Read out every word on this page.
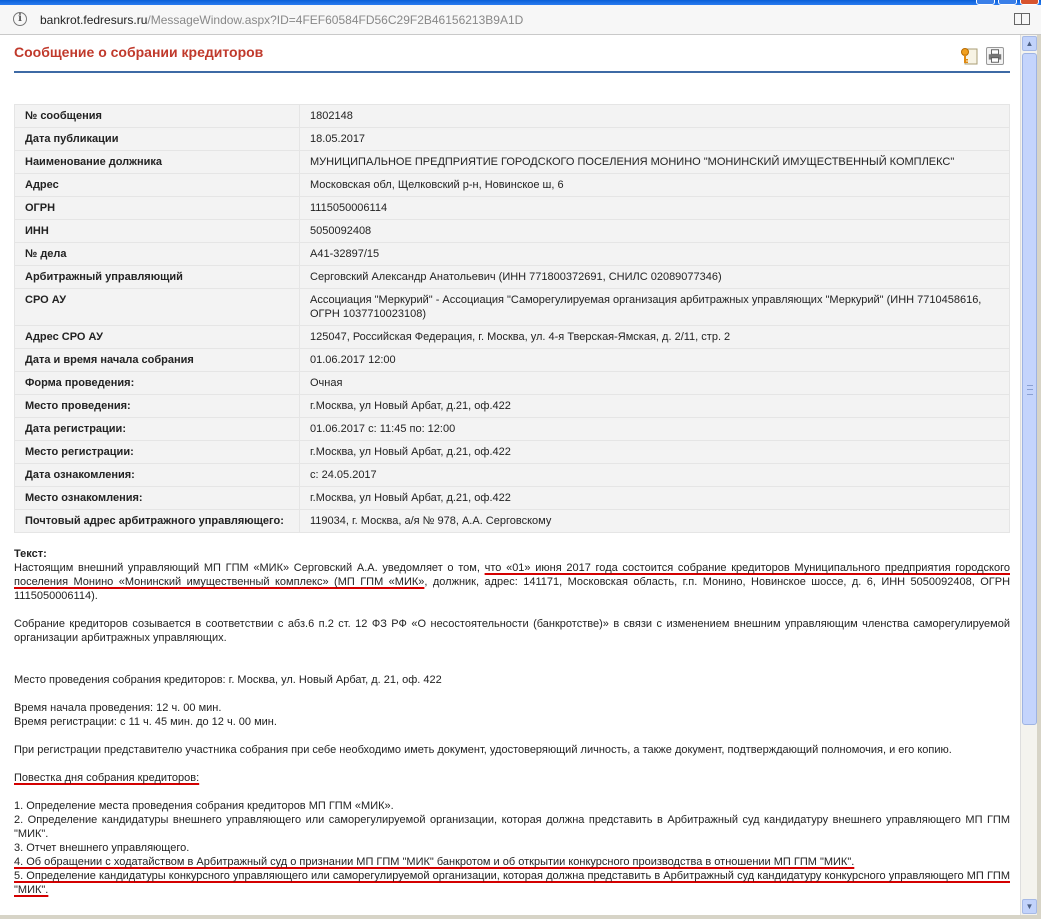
i	bankrot.fedresurs.ru/MessageWindow.aspx?ID=4FEF60584FD56C29F2B46156213B9A1D
Сообщение о собрании кредиторов
№ сообщения	1802148
Дата публикации	18.05.2017
Наименование должника	МУНИЦИПАЛЬНОЕ ПРЕДПРИЯТИЕ ГОРОДСКОГО ПОСЕЛЕНИЯ МОНИНО "МОНИНСКИЙ ИМУЩЕСТВЕННЫЙ КОМПЛЕКС"
Адрес	Московская обл, Щелковский р-н, Новинское ш, 6
ОГРН	1115050006114
ИНН	5050092408
№ дела	А41-32897/15
Арбитражный управляющий	Серговский Александр Анатольевич (ИНН 771800372691, СНИЛС 02089077346)
СРО АУ	Ассоциация "Меркурий" - Ассоциация "Саморегулируемая организация арбитражных управляющих "Меркурий" (ИНН 7710458616, ОГРН 1037710023108)
Адрес СРО АУ	125047, Российская Федерация, г. Москва, ул. 4-я Тверская-Ямская, д. 2/11, стр. 2
Дата и время начала собрания	01.06.2017 12:00
Форма проведения:	Очная
Место проведения:	г.Москва, ул Новый Арбат, д.21, оф.422
Дата регистрации:	01.06.2017 с: 11:45 по: 12:00
Место регистрации:	г.Москва, ул Новый Арбат, д.21, оф.422
Дата ознакомления:	с: 24.05.2017
Место ознакомления:	г.Москва, ул Новый Арбат, д.21, оф.422
Почтовый адрес арбитражного управляющего:	119034, г. Москва, а/я № 978, А.А. Серговскому

Текст:

Настоящим внешний управляющий МП ГПМ «МИК» Серговский А.А. уведомляет о том, что «01» июня 2017 года состоится собрание кредиторов Муниципального предприятия городского поселения Монино «Монинский имущественный комплекс» (МП ГПМ «МИК», должник, адрес: 141171, Московская область, г.п. Монино, Новинское шоссе, д. 6, ИНН 5050092408, ОГРН 1115050006114).

Собрание кредиторов созывается в соответствии с абз.6 п.2 ст. 12 ФЗ РФ «О несостоятельности (банкротстве)» в связи с изменением внешним управляющим членства саморегулируемой организации арбитражных управляющих.

Место проведения собрания кредиторов: г. Москва, ул. Новый Арбат, д. 21, оф. 422

Время начала проведения: 12 ч. 00 мин.

Время регистрации: с 11 ч. 45 мин. до 12 ч. 00 мин.

При регистрации представителю участника собрания при себе необходимо иметь документ, удостоверяющий личность, а также документ, подтверждающий полномочия, и его копию.

Повестка дня собрания кредиторов:

1. Определение места проведения собрания кредиторов МП ГПМ «МИК».

2. Определение кандидатуры внешнего управляющего или саморегулируемой организации, которая должна представить в Арбитражный суд кандидатуру внешнего управляющего МП ГПМ "МИК".

3. Отчет внешнего управляющего.

4. Об обращении с ходатайством в Арбитражный суд о признании МП ГПМ "МИК" банкротом и об открытии конкурсного производства в отношении МП ГПМ "МИК".

5. Определение кандидатуры конкурсного управляющего или саморегулируемой организации, которая должна представить в Арбитражный суд кандидатуру конкурсного управляющего МП ГПМ "МИК".

▲
▼
